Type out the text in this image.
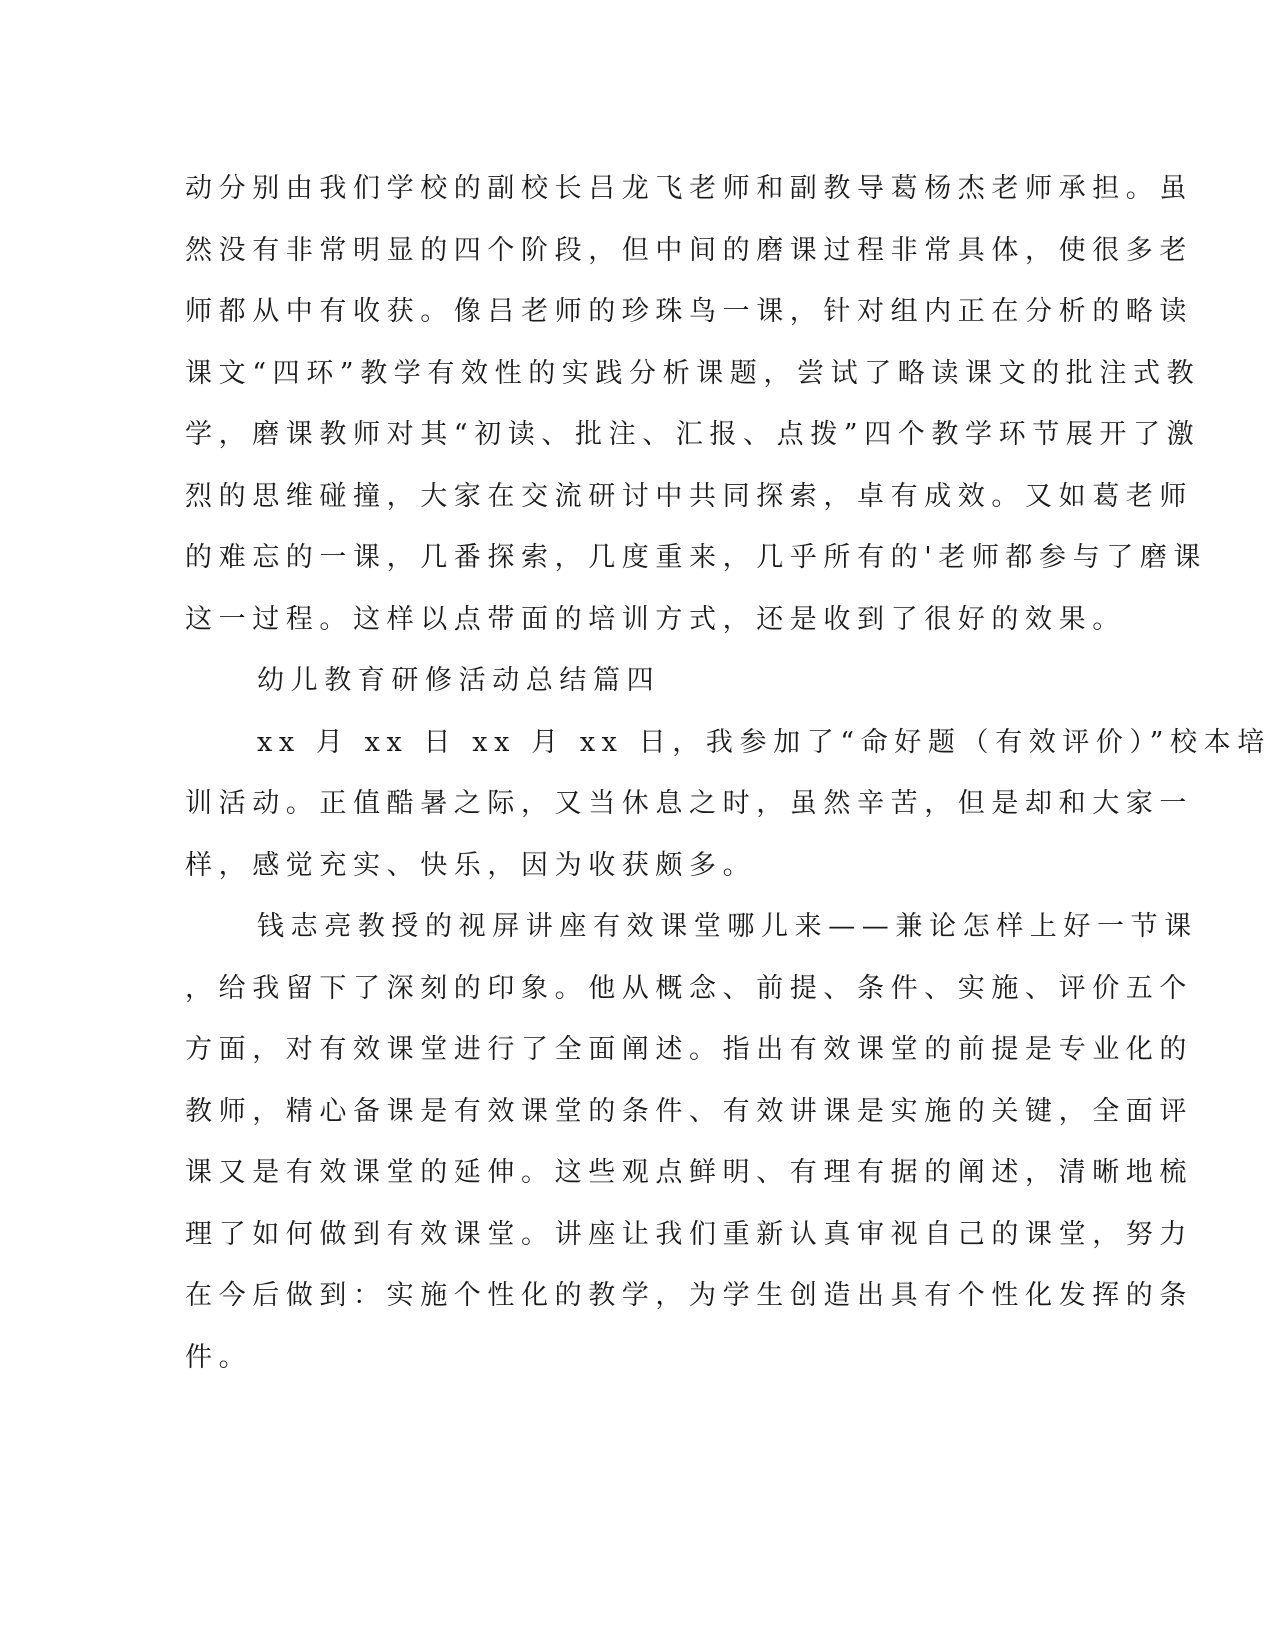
动分别由我们学校的副校长吕龙飞老师和副教导葛杨杰老师承担。虽
然没有非常明显的四个阶段，但中间的磨课过程非常具体，使很多老
师都从中有收获。像吕老师的珍珠鸟一课，针对组内正在分析的略读
课文“四环”教学有效性的实践分析课题，尝试了略读课文的批注式教
学，磨课教师对其“初读、批注、汇报、点拨”四个教学环节展开了激
烈的思维碰撞，大家在交流研讨中共同探索，卓有成效。又如葛老师
的难忘的一课，几番探索，几度重来，几乎所有的'老师都参与了磨课
这一过程。这样以点带面的培训方式，还是收到了很好的效果。
幼儿教育研修活动总结篇四
xx 月 xx 日 xx 月 xx 日，我参加了“命好题（有效评价）”校本培
训活动。正值酷暑之际，又当休息之时，虽然辛苦，但是却和大家一
样，感觉充实、快乐，因为收获颇多。
钱志亮教授的视屏讲座有效课堂哪儿来——兼论怎样上好一节课
，给我留下了深刻的印象。他从概念、前提、条件、实施、评价五个
方面，对有效课堂进行了全面阐述。指出有效课堂的前提是专业化的
教师，精心备课是有效课堂的条件、有效讲课是实施的关键，全面评
课又是有效课堂的延伸。这些观点鲜明、有理有据的阐述，清晰地梳
理了如何做到有效课堂。讲座让我们重新认真审视自己的课堂，努力
在今后做到：实施个性化的教学，为学生创造出具有个性化发挥的条
件。
